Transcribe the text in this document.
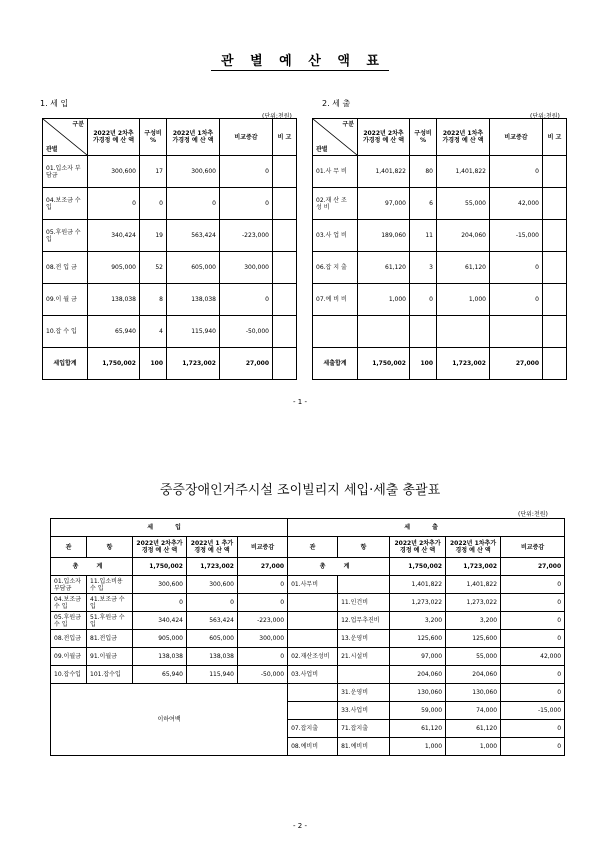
관 별 예 산 액 표
1. 세 입	2. 세 출
(단위:천원)	(단위:천원)
구분
관별	2022년 2차추가경정 예 산 액	구성비 %	2022년 1차추가경정 예 산 액	비교증감	비 고
01.입소자 부담금	300,600	17	300,600	0	
04.보조금 수 입	0	0	0	0	
05.후원금 수 입	340,424	19	563,424	-223,000	
08.전 입 금	905,000	52	605,000	300,000	
09.이 월 금	138,038	8	138,038	0	
10.잡 수 입	65,940	4	115,940	-50,000	
세입합계	1,750,002	100	1,723,002	27,000	
구분
관별	2022년 2차추가경정 예 산 액	구성비 %	2022년 1차추가경정 예 산 액	비교증감	비 고
01.사 무 비	1,401,822	80	1,401,822	0	
02.재 산 조 성 비	97,000	6	55,000	42,000	
03.사 업 비	189,060	11	204,060	-15,000	
06.잡 지 출	61,120	3	61,120	0	
07.예 비 비	1,000	0	1,000	0	

세출합계	1,750,002	100	1,723,002	27,000	
- 1 -
중증장애인거주시설 조이빌리지 세입·세출 총괄표
(단위:천원)
세 입					세 출				
관	항	2022년 2차추가경정 예 산 액	2022년 1 추가경정 예 산 액	비교증감	관	항	2022년 2차추가경정 예 산 액	2022년 1차추가경정 예 산 액	비교증감
총 계		1,750,002	1,723,002	27,000	총 계		1,750,002	1,723,002	27,000
01.입소자 부담금	11.입소비용 수 입	300,600	300,600	0	01.사무비		1,401,822	1,401,822	0
04.보조금 수 입	41.보조금 수 입	0	0	0		11.인건비	1,273,022	1,273,022	0
05.후원금 수 입	51.후원금 수 입	340,424	563,424	-223,000		12.업무추진비	3,200	3,200	0
08.전입금	81.전입금	905,000	605,000	300,000		13.운영비	125,600	125,600	0
09.이월금	91.이월금	138,038	138,038	0	02.재산조성비	21.시설비	97,000	55,000	42,000
10.잡수입	101.잡수입	65,940	115,940	-50,000	03.사업비		204,060	204,060	0
이하여백						31.운영비	130,060	130,060	0
						33.사업비	59,000	74,000	-15,000
					07.잡지출	71.잡지출	61,120	61,120	0
					08.예비비	81.예비비	1,000	1,000	0
- 2 -
